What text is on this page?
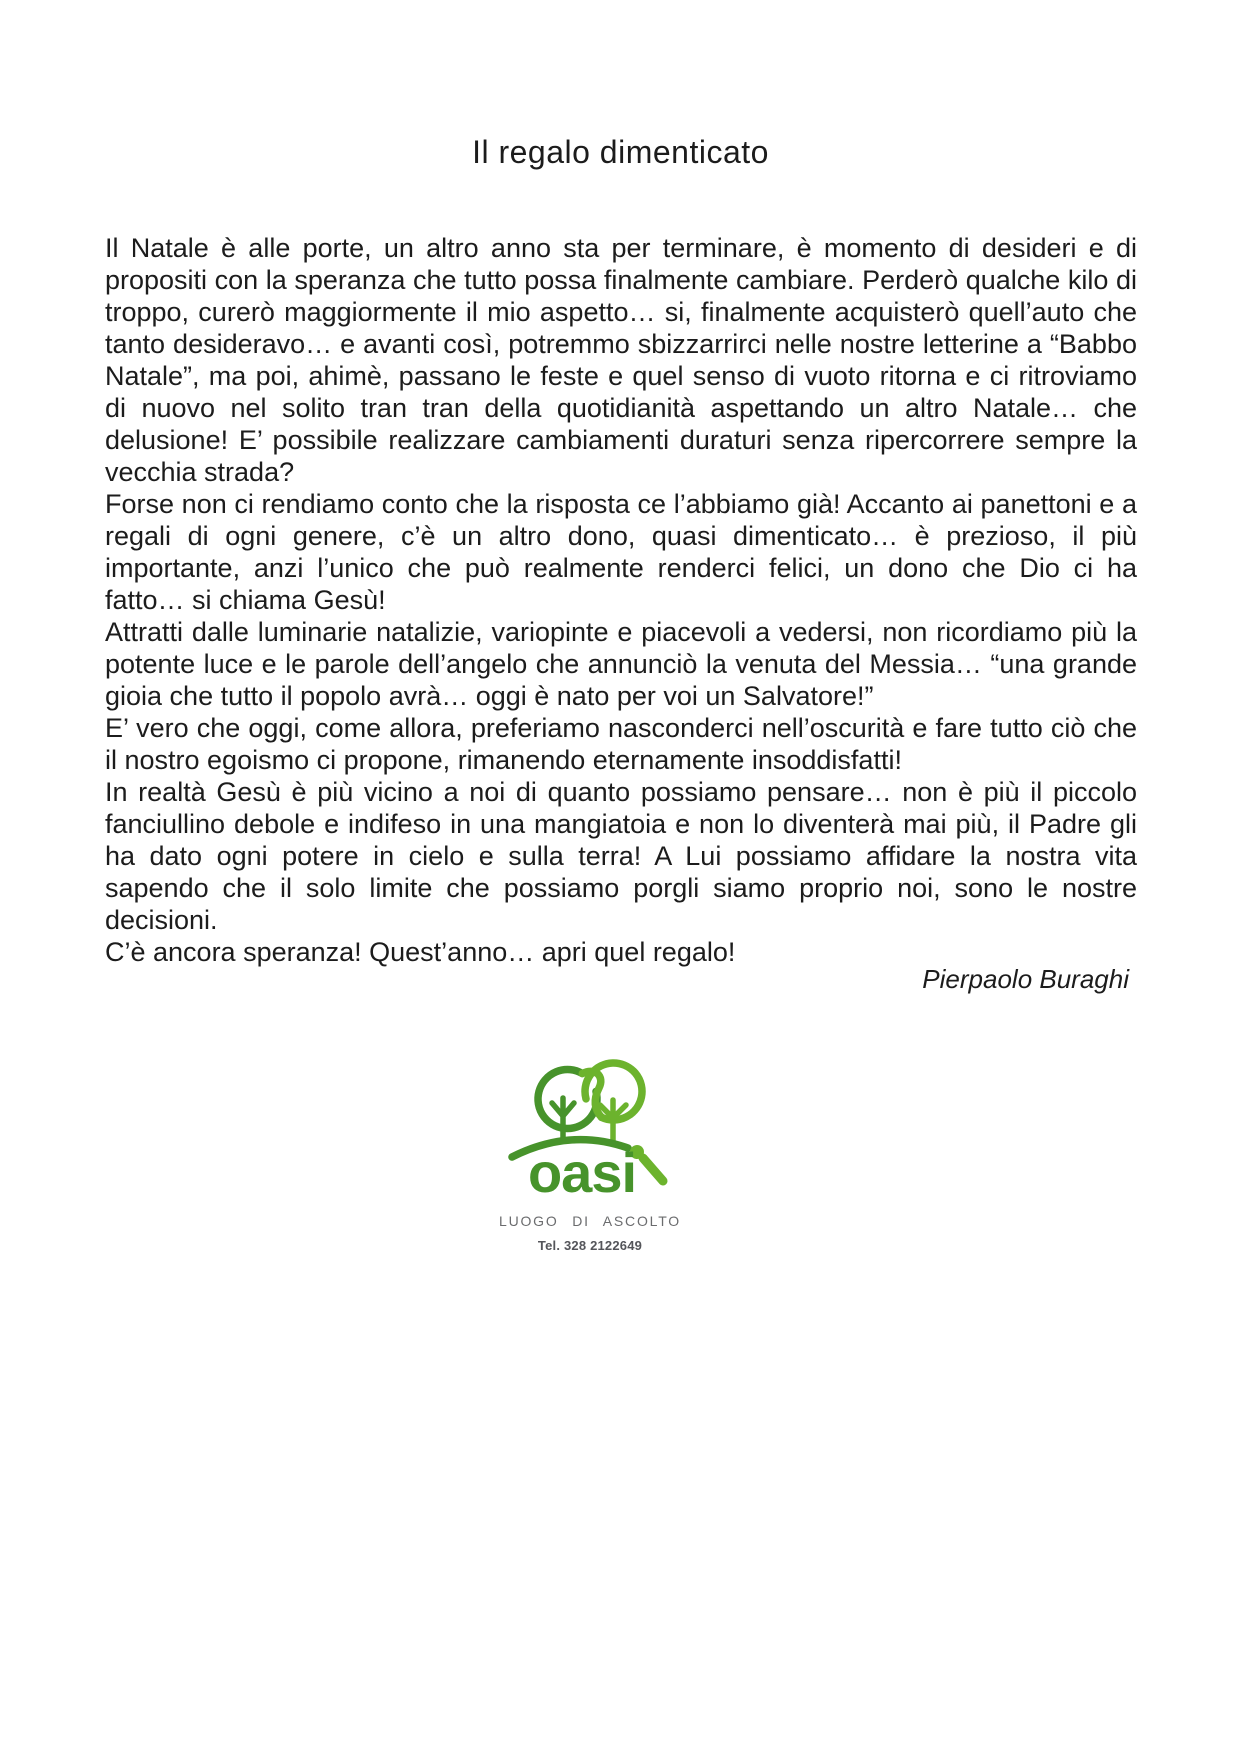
Il regalo dimenticato

Il Natale è alle porte, un altro anno sta per terminare, è momento di desideri e di propositi con la speranza che tutto possa finalmente cambiare. Perderò qualche kilo di troppo, curerò maggiormente il mio aspetto… si, finalmente acquisterò quell’auto che tanto desideravo… e avanti così, potremmo sbizzarrirci nelle nostre letterine a “Babbo Natale”, ma poi, ahimè, passano le feste e quel senso di vuoto ritorna e ci ritroviamo di nuovo nel solito tran tran della quotidianità aspettando un altro Natale… che delusione! E’ possibile realizzare cambiamenti duraturi senza ripercorrere sempre la vecchia strada?

Forse non ci rendiamo conto che la risposta ce l’abbiamo già! Accanto ai panettoni e a regali di ogni genere, c’è un altro dono, quasi dimenticato… è prezioso, il più importante, anzi l’unico che può realmente renderci felici, un dono che Dio ci ha fatto… si chiama Gesù!

Attratti dalle luminarie natalizie, variopinte e piacevoli a vedersi, non ricordiamo più la potente luce e le parole dell’angelo che annunciò la venuta del Messia… “una grande gioia che tutto il popolo avrà… oggi è nato per voi un Salvatore!”

E’ vero che oggi, come allora, preferiamo nasconderci nell’oscurità e fare tutto ciò che il nostro egoismo ci propone, rimanendo eternamente insoddisfatti!

In realtà Gesù è più vicino a noi di quanto possiamo pensare… non è più il piccolo fanciullino debole e indifeso in una mangiatoia e non lo diventerà mai più, il Padre gli ha dato ogni potere in cielo e sulla terra! A Lui possiamo affidare la nostra vita sapendo che il solo limite che possiamo porgli siamo proprio noi, sono le nostre decisioni.

C’è ancora speranza! Quest’anno… apri quel regalo!

Pierpaolo Buraghi
oasi
LUOGO DI ASCOLTO
Tel. 328 2122649
